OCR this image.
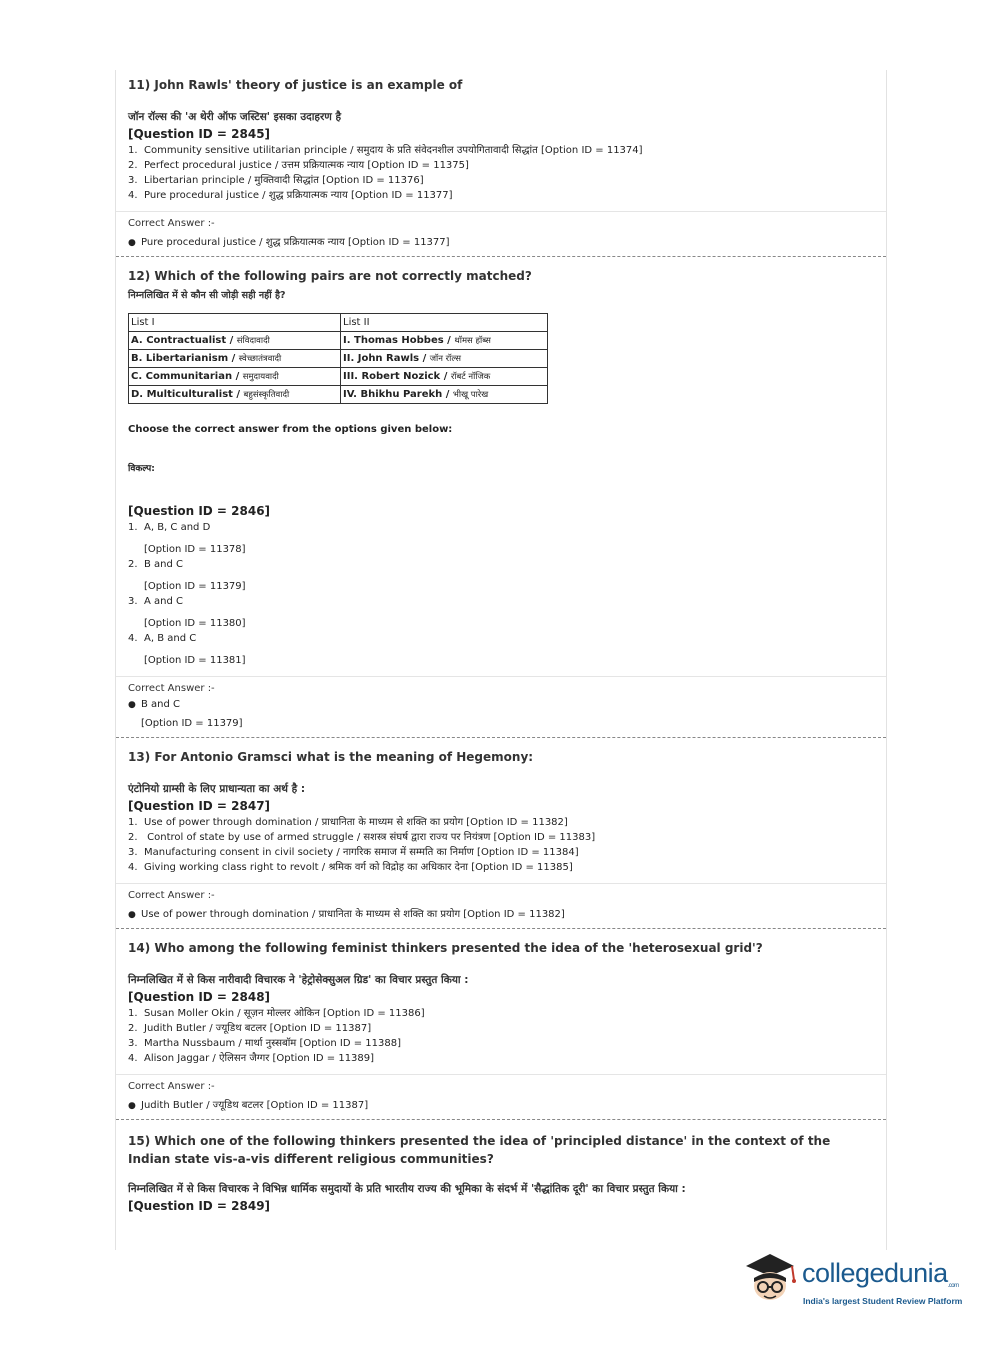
11) John Rawls' theory of justice is an example of
जॉन रॉल्स की 'अ थेरी ऑफ जस्टिस' इसका उदाहरण है
[Question ID = 2845]
1. Community sensitive utilitarian principle / समुदाय के प्रति संवेदनशील उपयोगितावादी सिद्धांत [Option ID = 11374]
2. Perfect procedural justice / उत्तम प्रक्रियात्मक न्याय [Option ID = 11375]
3. Libertarian principle / मुक्तिवादी सिद्धांत [Option ID = 11376]
4. Pure procedural justice / शुद्ध प्रक्रियात्मक न्याय [Option ID = 11377]
Correct Answer :-
● Pure procedural justice / शुद्ध प्रक्रियात्मक न्याय [Option ID = 11377]
12) Which of the following pairs are not correctly matched?
निम्नलिखित में से कौन सी जोड़ी सही नहीं है?
List I	List II
A. Contractualist / संविदावादी	I. Thomas Hobbes / थॉमस हॉब्स
B. Libertarianism / स्वेच्छातंत्रवादी	II. John Rawls / जॉन रॉल्स
C. Communitarian / समुदायवादी	III. Robert Nozick / रॉबर्ट नॉजिक
D. Multiculturalist / बहुसंस्कृतिवादी	IV. Bhikhu Parekh / भीखू पारेख
Choose the correct answer from the options given below:
विकल्प:
[Question ID = 2846]
1. A, B, C and D
[Option ID = 11378]
2. B and C
[Option ID = 11379]
3. A and C
[Option ID = 11380]
4. A, B and C
[Option ID = 11381]
Correct Answer :-
● B and C
[Option ID = 11379]
13) For Antonio Gramsci what is the meaning of Hegemony:
एंटोनियो ग्राम्सी के लिए प्राधान्यता का अर्थ है :
[Question ID = 2847]
1. Use of power through domination / प्राधानिता के माध्यम से शक्ति का प्रयोग [Option ID = 11382]
2. Control of state by use of armed struggle / सशस्त्र संघर्ष द्वारा राज्य पर नियंत्रण [Option ID = 11383]
3. Manufacturing consent in civil society / नागरिक समाज में सम्मति का निर्माण [Option ID = 11384]
4. Giving working class right to revolt / श्रमिक वर्ग को विद्रोह का अधिकार देना [Option ID = 11385]
Correct Answer :-
● Use of power through domination / प्राधानिता के माध्यम से शक्ति का प्रयोग [Option ID = 11382]
14) Who among the following feminist thinkers presented the idea of the 'heterosexual grid'?
निम्नलिखित में से किस नारीवादी विचारक ने 'हेट्रोसेक्सुअल ग्रिड' का विचार प्रस्तुत किया :
[Question ID = 2848]
1. Susan Moller Okin / सूज़न मोल्लर ओकिन [Option ID = 11386]
2. Judith Butler / ज्यूडिथ बटलर [Option ID = 11387]
3. Martha Nussbaum / मार्था नुस्सबॉम [Option ID = 11388]
4. Alison Jaggar / ऐलिसन जैग्गर [Option ID = 11389]
Correct Answer :-
● Judith Butler / ज्यूडिथ बटलर [Option ID = 11387]
15) Which one of the following thinkers presented the idea of 'principled distance' in the context of the Indian state vis-a-vis different religious communities?
निम्नलिखित में से किस विचारक ने विभिन्न धार्मिक समुदायों के प्रति भारतीय राज्य की भूमिका के संदर्भ में 'सैद्धांतिक दूरी' का विचार प्रस्तुत किया :
[Question ID = 2849]
collegedunia.com
India's largest Student Review Platform
